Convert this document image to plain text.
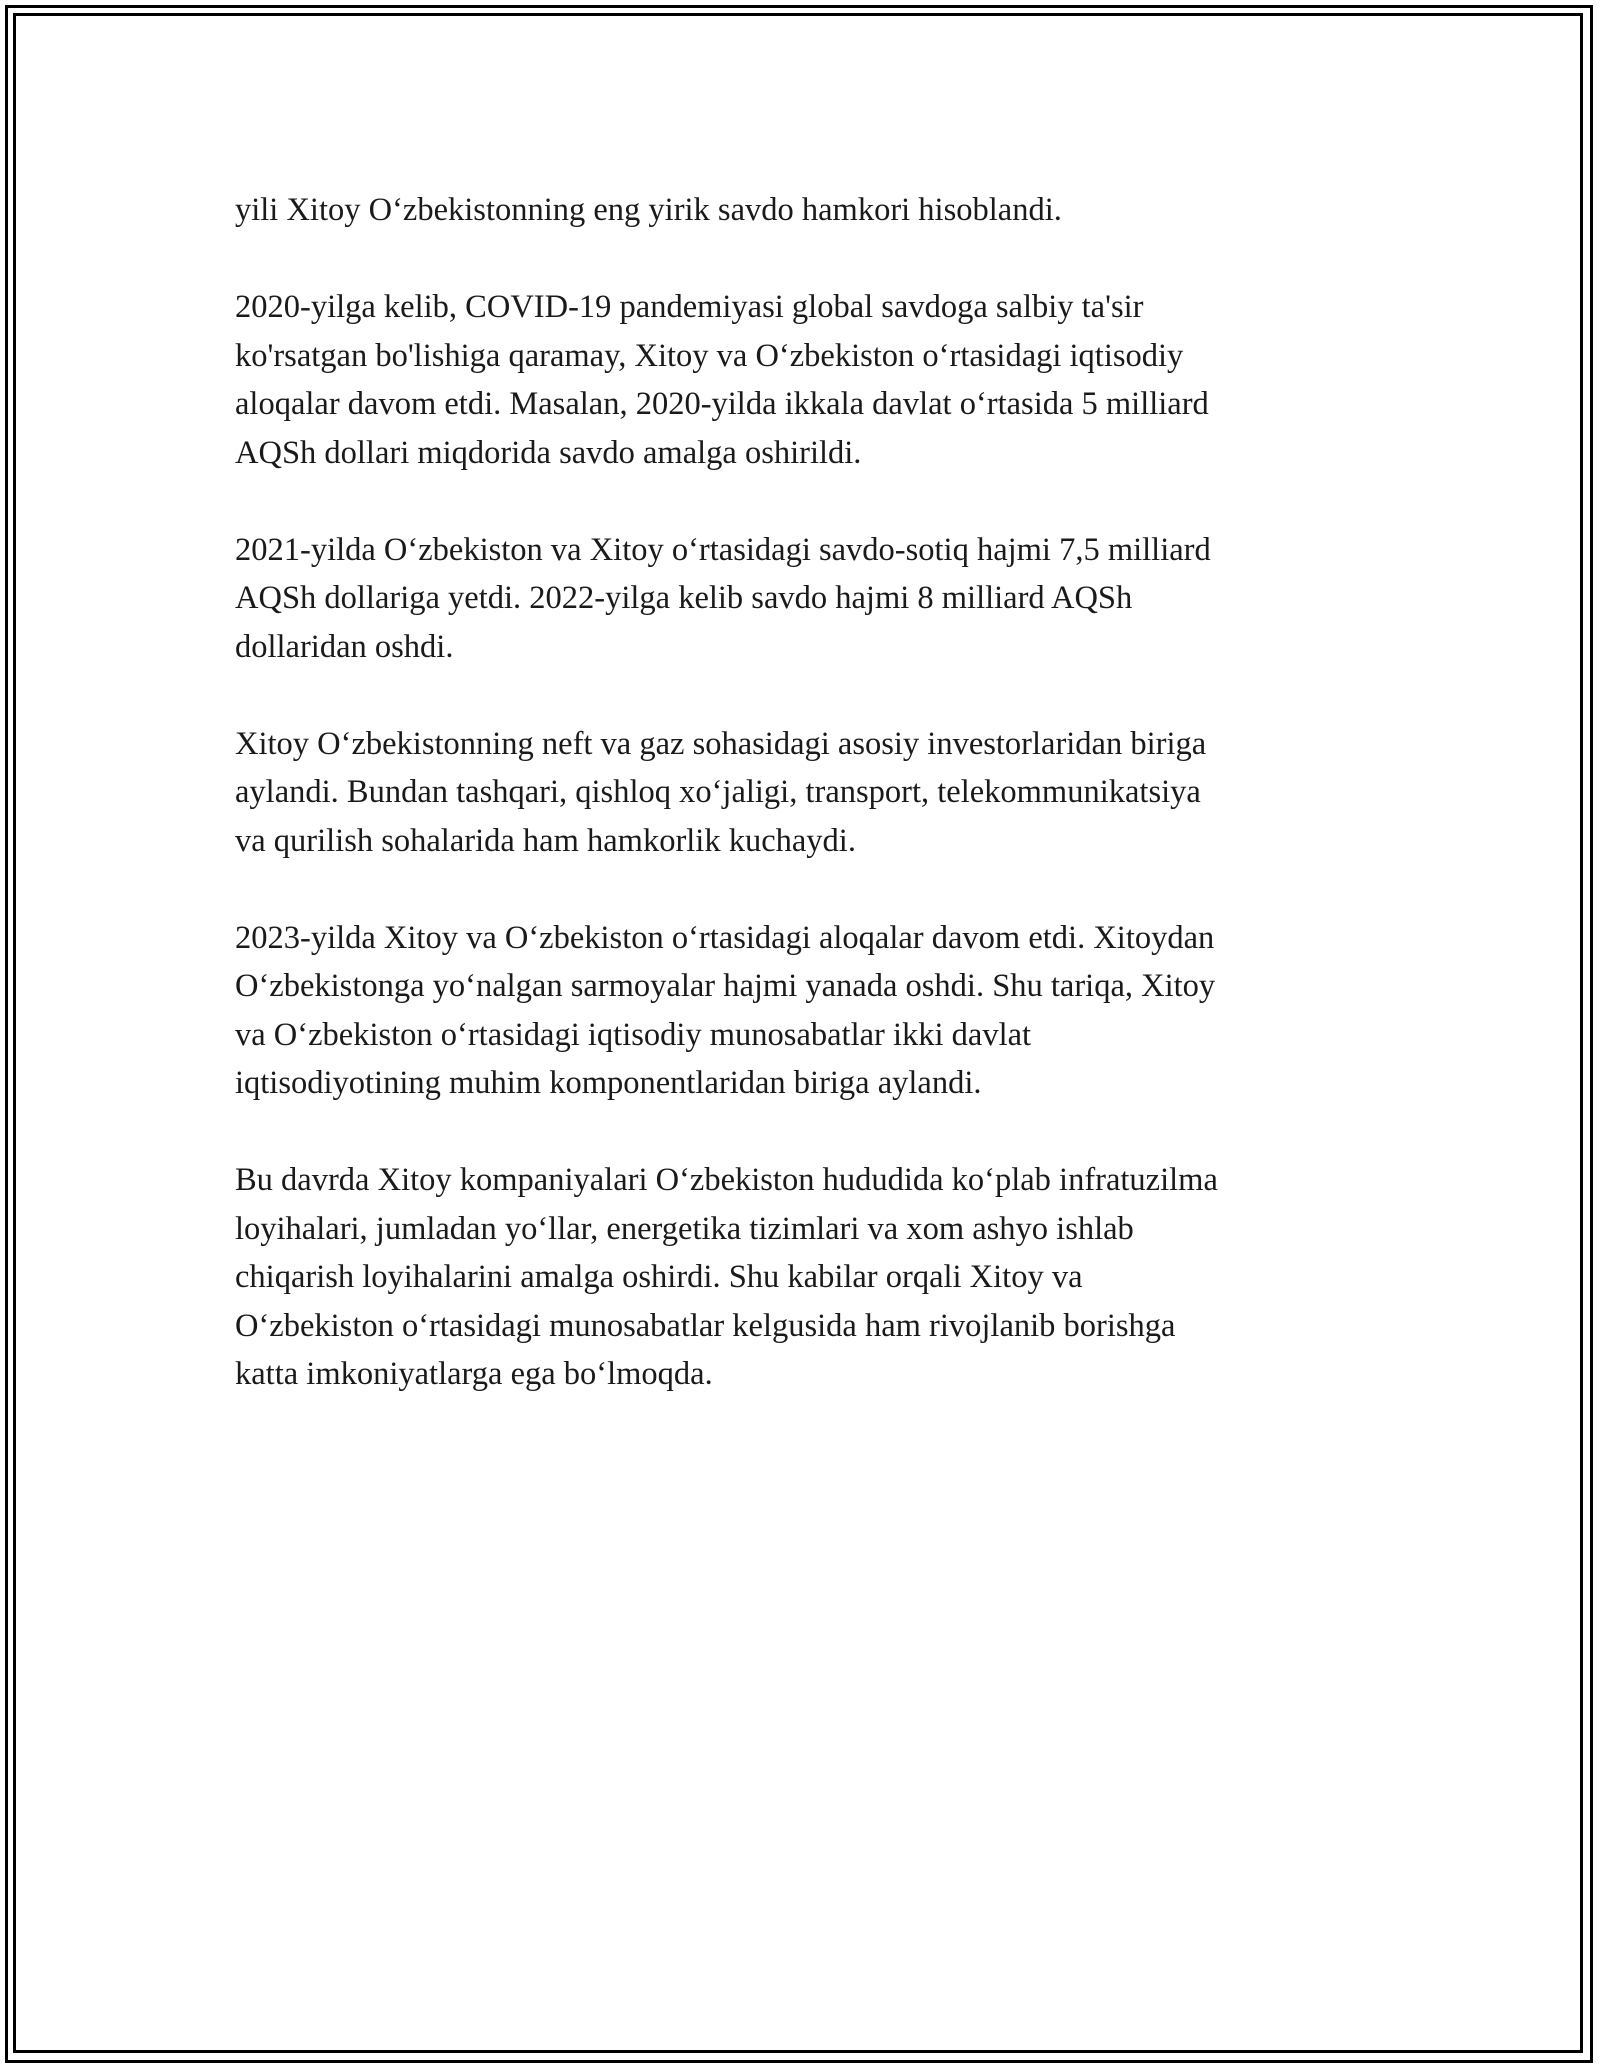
yili Xitoy O‘zbekistonning eng yirik savdo hamkori hisoblandi.

2020-yilga kelib, COVID-19 pandemiyasi global savdoga salbiy ta'sir
ko'rsatgan bo'lishiga qaramay, Xitoy va O‘zbekiston o‘rtasidagi iqtisodiy
aloqalar davom etdi. Masalan, 2020-yilda ikkala davlat o‘rtasida 5 milliard
AQSh dollari miqdorida savdo amalga oshirildi.

2021-yilda O‘zbekiston va Xitoy o‘rtasidagi savdo-sotiq hajmi 7,5 milliard
AQSh dollariga yetdi. 2022-yilga kelib savdo hajmi 8 milliard AQSh
dollaridan oshdi.

Xitoy O‘zbekistonning neft va gaz sohasidagi asosiy investorlaridan biriga
aylandi. Bundan tashqari, qishloq xo‘jaligi, transport, telekommunikatsiya
va qurilish sohalarida ham hamkorlik kuchaydi.

2023-yilda Xitoy va O‘zbekiston o‘rtasidagi aloqalar davom etdi. Xitoydan
O‘zbekistonga yo‘nalgan sarmoyalar hajmi yanada oshdi. Shu tariqa, Xitoy
va O‘zbekiston o‘rtasidagi iqtisodiy munosabatlar ikki davlat
iqtisodiyotining muhim komponentlaridan biriga aylandi.

Bu davrda Xitoy kompaniyalari O‘zbekiston hududida ko‘plab infratuzilma
loyihalari, jumladan yo‘llar, energetika tizimlari va xom ashyo ishlab
chiqarish loyihalarini amalga oshirdi. Shu kabilar orqali Xitoy va
O‘zbekiston o‘rtasidagi munosabatlar kelgusida ham rivojlanib borishga
katta imkoniyatlarga ega bo‘lmoqda.
